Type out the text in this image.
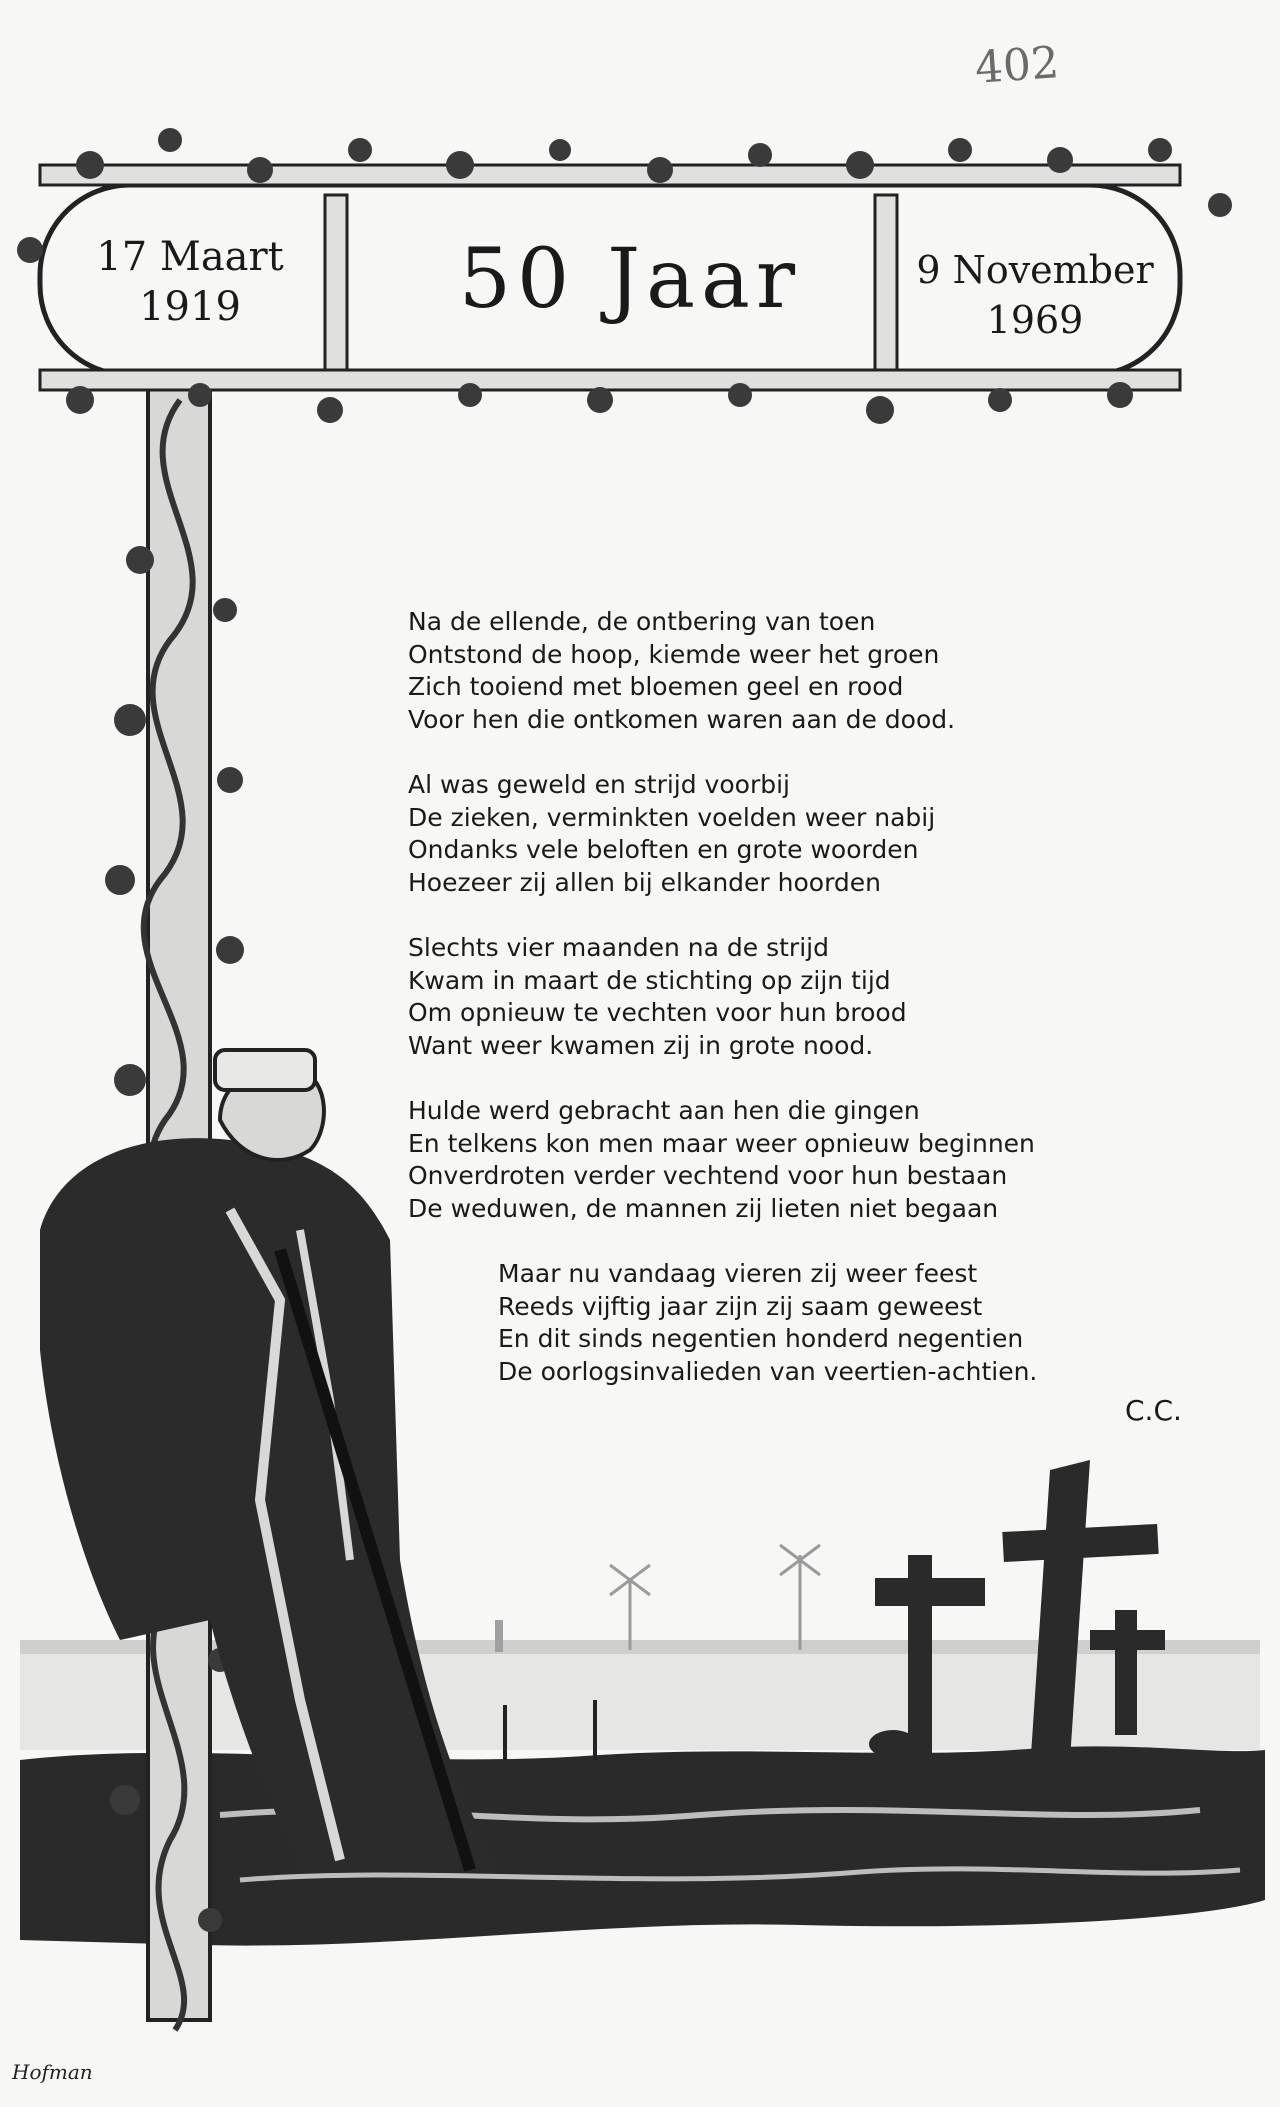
17 Maart
1919	50 Jaar	9 November
1969
402
Na de ellende, de ontbering van toen
Ontstond de hoop, kiemde weer het groen
Zich tooiend met bloemen geel en rood
Voor hen die ontkomen waren aan de dood.
Al was geweld en strijd voorbij
De zieken, verminkten voelden weer nabij
Ondanks vele beloften en grote woorden
Hoezeer zij allen bij elkander hoorden
Slechts vier maanden na de strijd
Kwam in maart de stichting op zijn tijd
Om opnieuw te vechten voor hun brood
Want weer kwamen zij in grote nood.
Hulde werd gebracht aan hen die gingen
En telkens kon men maar weer opnieuw beginnen
Onverdroten verder vechtend voor hun bestaan
De weduwen, de mannen zij lieten niet begaan
Maar nu vandaag vieren zij weer feest
Reeds vijftig jaar zijn zij saam geweest
En dit sinds negentien honderd negentien
De oorlogsinvalieden van veertien-achtien.
C.C.
Hofman
